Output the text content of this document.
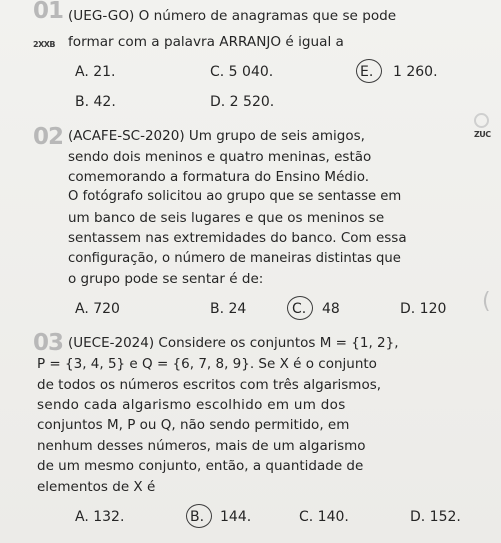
01
2XXB
(UEG-GO) O número de anagramas que se pode
formar com a palavra ARRANJO é igual a
A. 21.	C. 5 040.	E. 1 260.
B. 42.	D. 2 520.
02	ZUC
(ACAFE-SC-2020) Um grupo de seis amigos,
sendo dois meninos e quatro meninas, estão
comemorando a formatura do Ensino Médio.
O fotógrafo solicitou ao grupo que se sentasse em
um banco de seis lugares e que os meninos se
sentassem nas extremidades do banco. Com essa
configuração, o número de maneiras distintas que
o grupo pode se sentar é de:
A. 720	B. 24	C. 48	D. 120 (
03 (UECE-2024) Considere os conjuntos M = {1, 2},
P = {3, 4, 5} e Q = {6, 7, 8, 9}. Se X é o conjunto
de todos os números escritos com três algarismos,
sendo cada algarismo escolhido em um dos
conjuntos M, P ou Q, não sendo permitido, em
nenhum desses números, mais de um algarismo
de um mesmo conjunto, então, a quantidade de
elementos de X é
A. 132.	B. 144.	C. 140.	D. 152.
